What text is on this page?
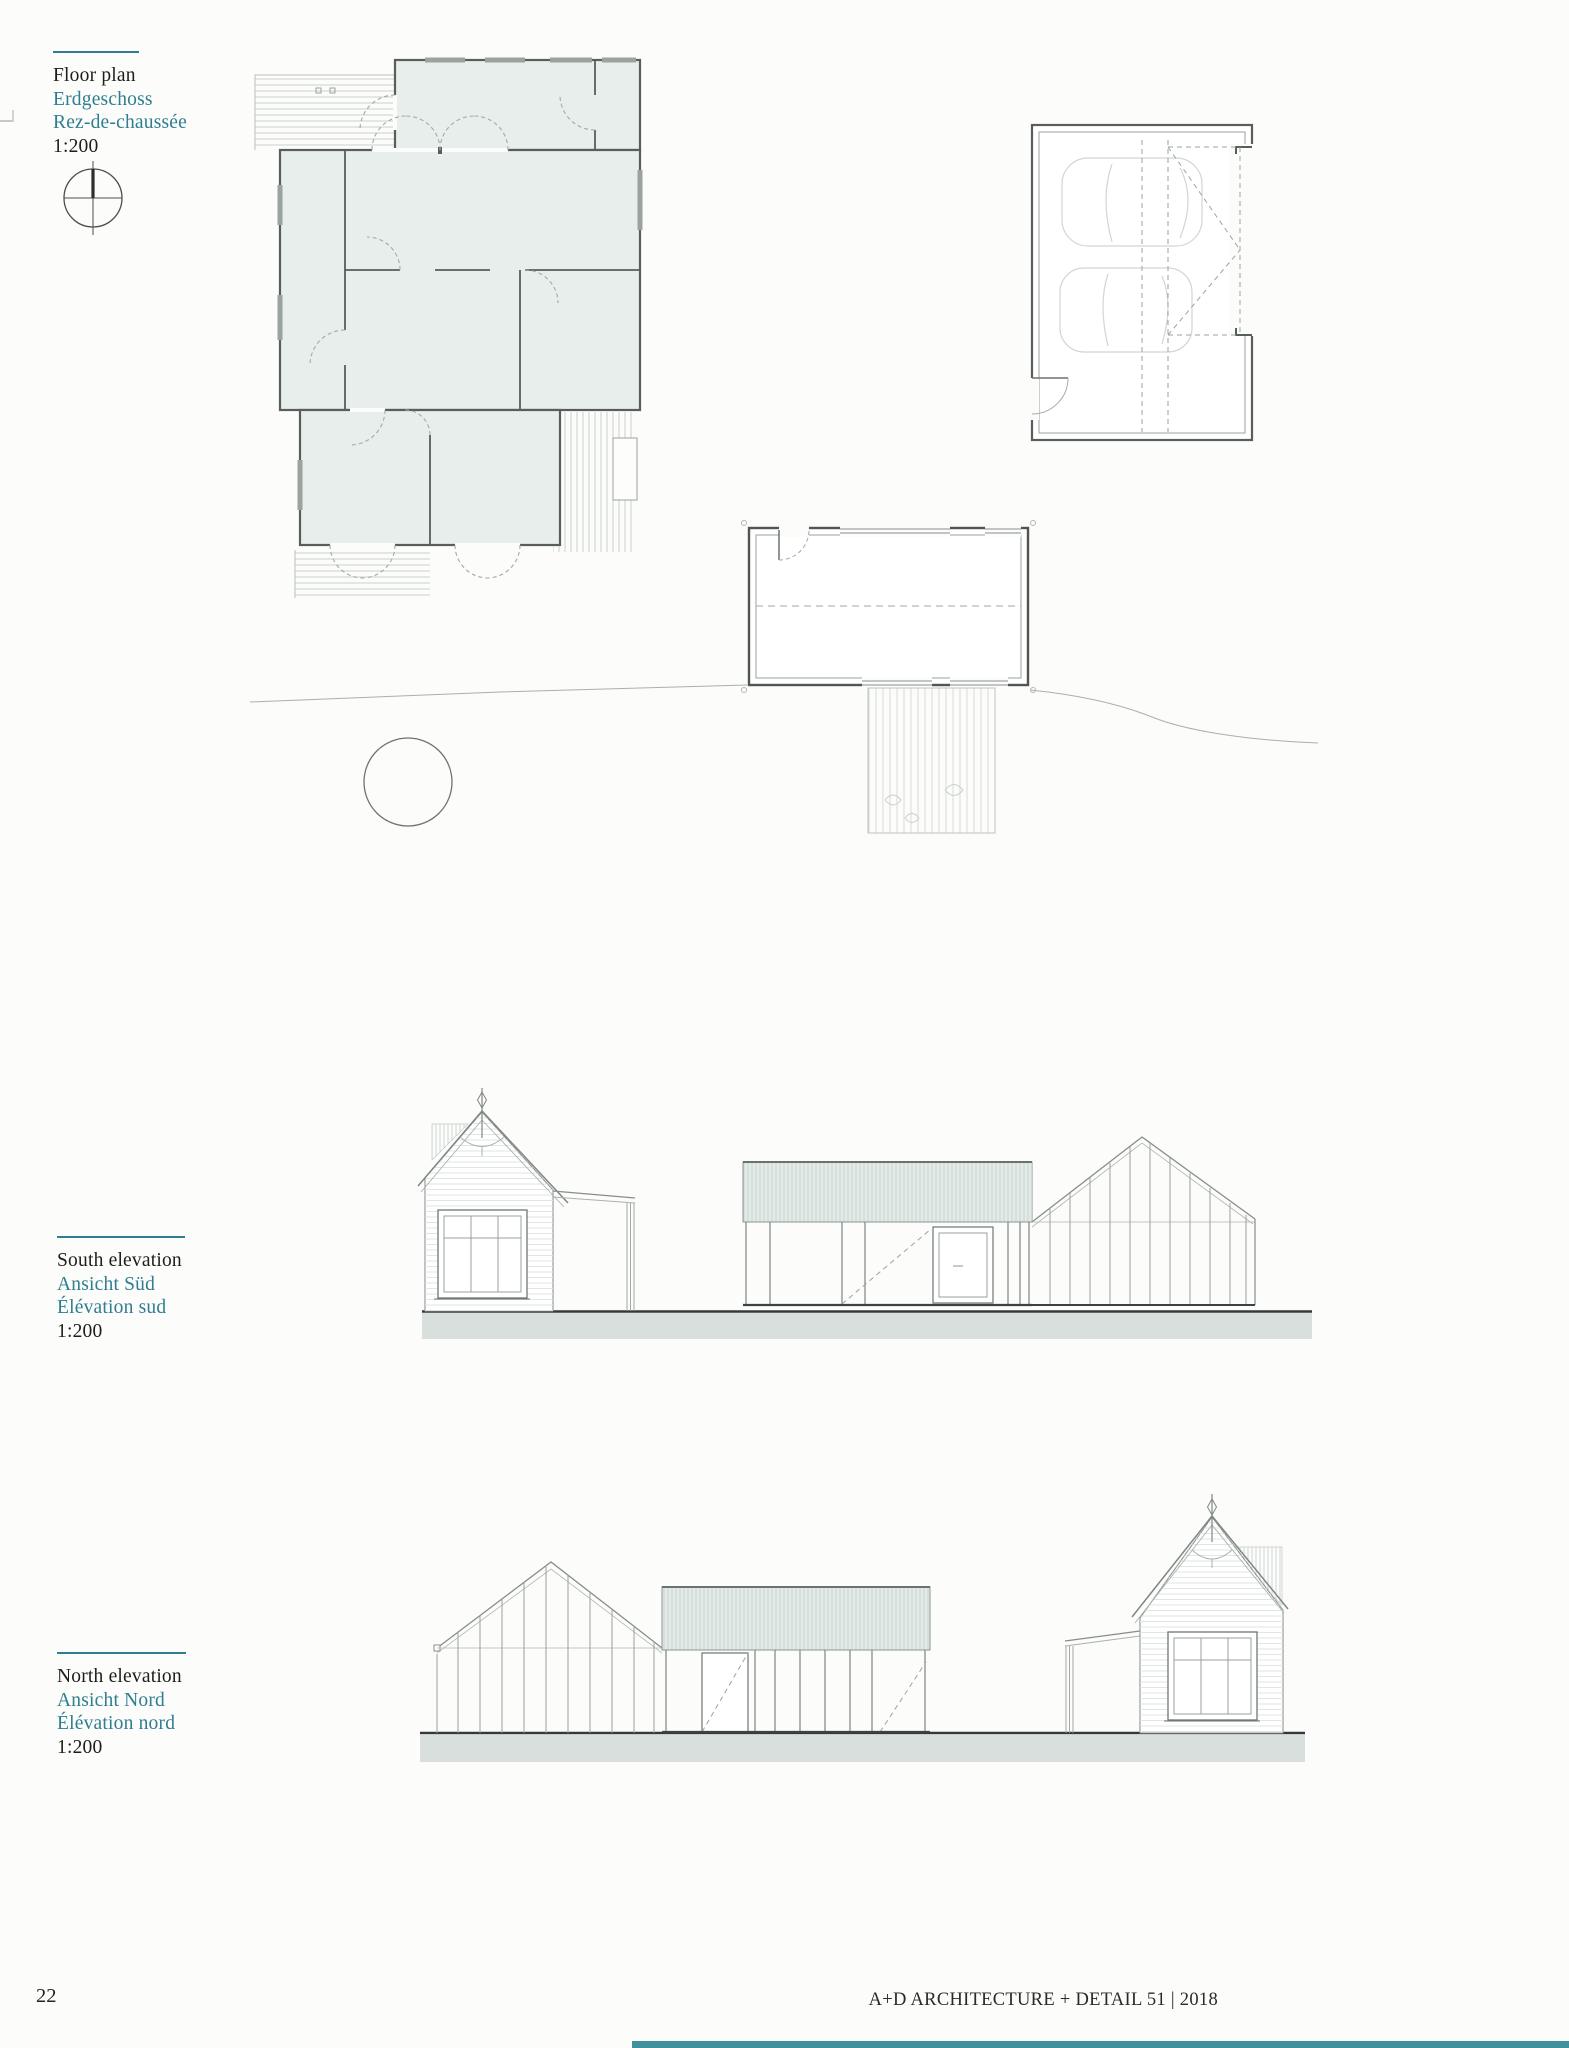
Floor plan

Erdgeschoss

Rez-de-chaussée

1:200

South elevation

Ansicht Süd

Élévation sud

1:200

North elevation

Ansicht Nord

Élévation nord

1:200

22	A+D ARCHITECTURE + DETAIL 51 | 2018
